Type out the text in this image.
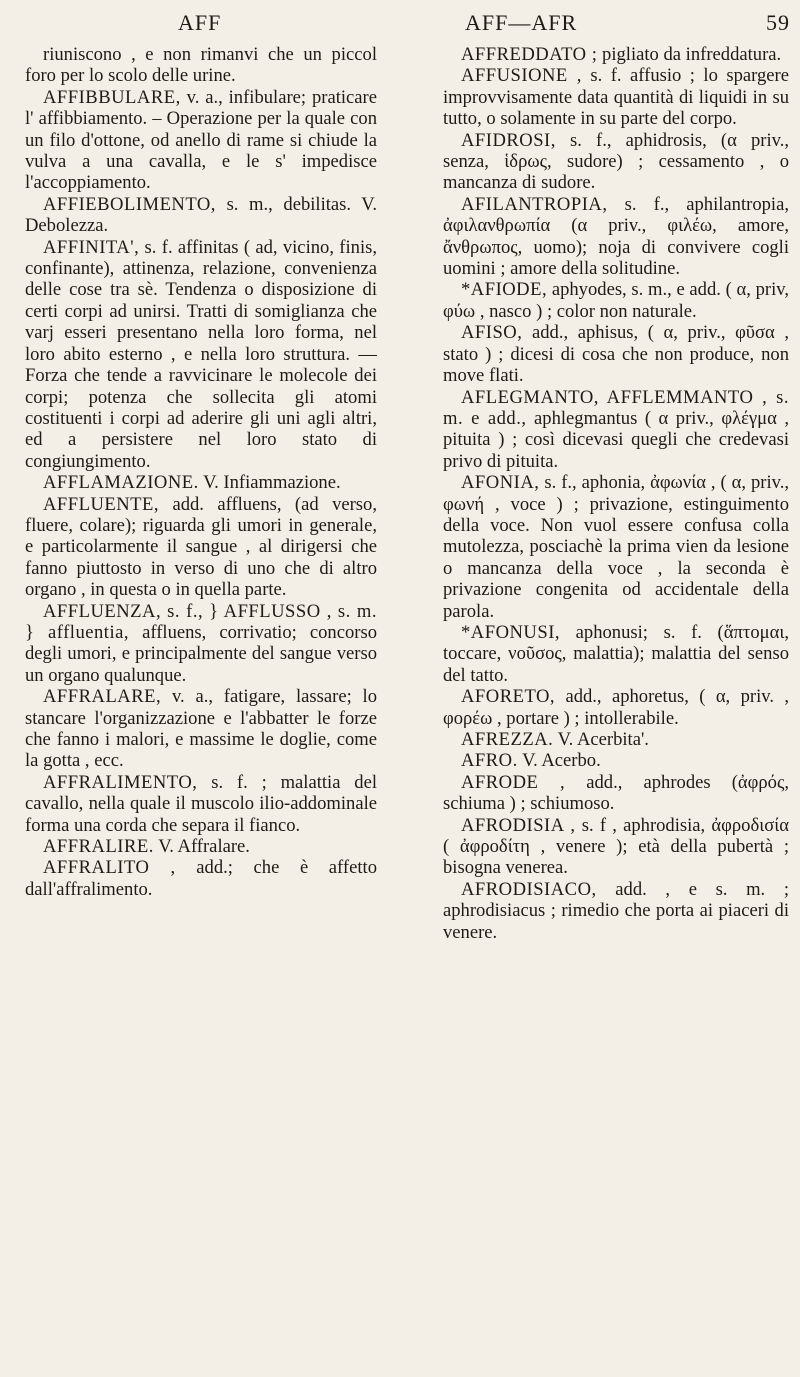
AFF	AFF—AFR	59

riuniscono , e non rimanvi che un piccol foro per lo scolo delle urine.

AFFIBBULARE, v. a., infibulare; praticare l' affibbiamento. – Operazione per la quale con un filo d'ottone, od anello di rame si chiude la vulva a una cavalla, e le s' impedisce l'accoppiamento.

AFFIEBOLIMENTO, s. m., debilitas. V. Debolezza.

AFFINITA', s. f. affinitas ( ad, vicino, finis, confinante), attinenza, relazione, convenienza delle cose tra sè. Tendenza o disposizione di certi corpi ad unirsi. Tratti di somiglianza che varj esseri presentano nella loro forma, nel loro abito esterno , e nella loro struttura. — Forza che tende a ravvicinare le molecole dei corpi; potenza che sollecita gli atomi costituenti i corpi ad aderire gli uni agli altri, ed a persistere nel loro stato di congiungimento.

AFFLAMAZIONE. V. Infiammazione.

AFFLUENTE, add. affluens, (ad verso, fluere, colare); riguarda gli umori in generale, e particolarmente il sangue , al dirigersi che fanno piuttosto in verso di uno che di altro organo , in questa o in quella parte.

AFFLUENZA, s. f., } AFFLUSSO , s. m. } affluentia, affluens, corrivatio; concorso degli umori, e principalmente del sangue verso un organo qualunque.

AFFRALARE, v. a., fatigare, lassare; lo stancare l'organizzazione e l'abbatter le forze che fanno i malori, e massime le doglie, come la gotta , ecc.

AFFRALIMENTO, s. f. ; malattia del cavallo, nella quale il muscolo ilio-addominale forma una corda che separa il fianco.

AFFRALIRE. V. Affralare.

AFFRALITO , add.; che è affetto dall'affralimento.

AFFREDDATO ; pigliato da infreddatura.

AFFUSIONE , s. f. affusio ; lo spargere improvvisamente data quantità di liquidi in su tutto, o solamente in su parte del corpo.

AFIDROSI, s. f., aphidrosis, (α priv., senza, ἱδρως, sudore) ; cessamento , o mancanza di sudore.

AFILANTROPIA, s. f., aphilantropia, ἀφιλανθρωπία (α priv., φιλέω, amore, ἄνθρωπος, uomo); noja di convivere cogli uomini ; amore della solitudine.

*AFIODE, aphyodes, s. m., e add. ( α, priv, φύω , nasco ) ; color non naturale.

AFISO, add., aphisus, ( α, priv., φῦσα , stato ) ; dicesi di cosa che non produce, non move flati.

AFLEGMANTO, AFFLEMMANTO , s. m. e add., aphlegmantus ( α priv., φλέγμα , pituita ) ; così dicevasi quegli che credevasi privo di pituita.

AFONIA, s. f., aphonia, ἀφωνία , ( α, priv., φωνή , voce ) ; privazione, estinguimento della voce. Non vuol essere confusa colla mutolezza, posciachè la prima vien da lesione o mancanza della voce , la seconda è privazione congenita od accidentale della parola.

*AFONUSI, aphonusi; s. f. (ἅπτομαι, toccare, νοῦσος, malattia); malattia del senso del tatto.

AFORETO, add., aphoretus, ( α, priv. , φορέω , portare ) ; intollerabile.

AFREZZA. V. Acerbita'.

AFRO. V. Acerbo.

AFRODE , add., aphrodes (ἀφρός, schiuma ) ; schiumoso.

AFRODISIA , s. f , aphrodisia, ἀφροδισία ( ἀφροδίτη , venere ); età della pubertà ; bisogna venerea.

AFRODISIACO, add. , e s. m. ; aphrodisiacus ; rimedio che porta ai piaceri di venere.
